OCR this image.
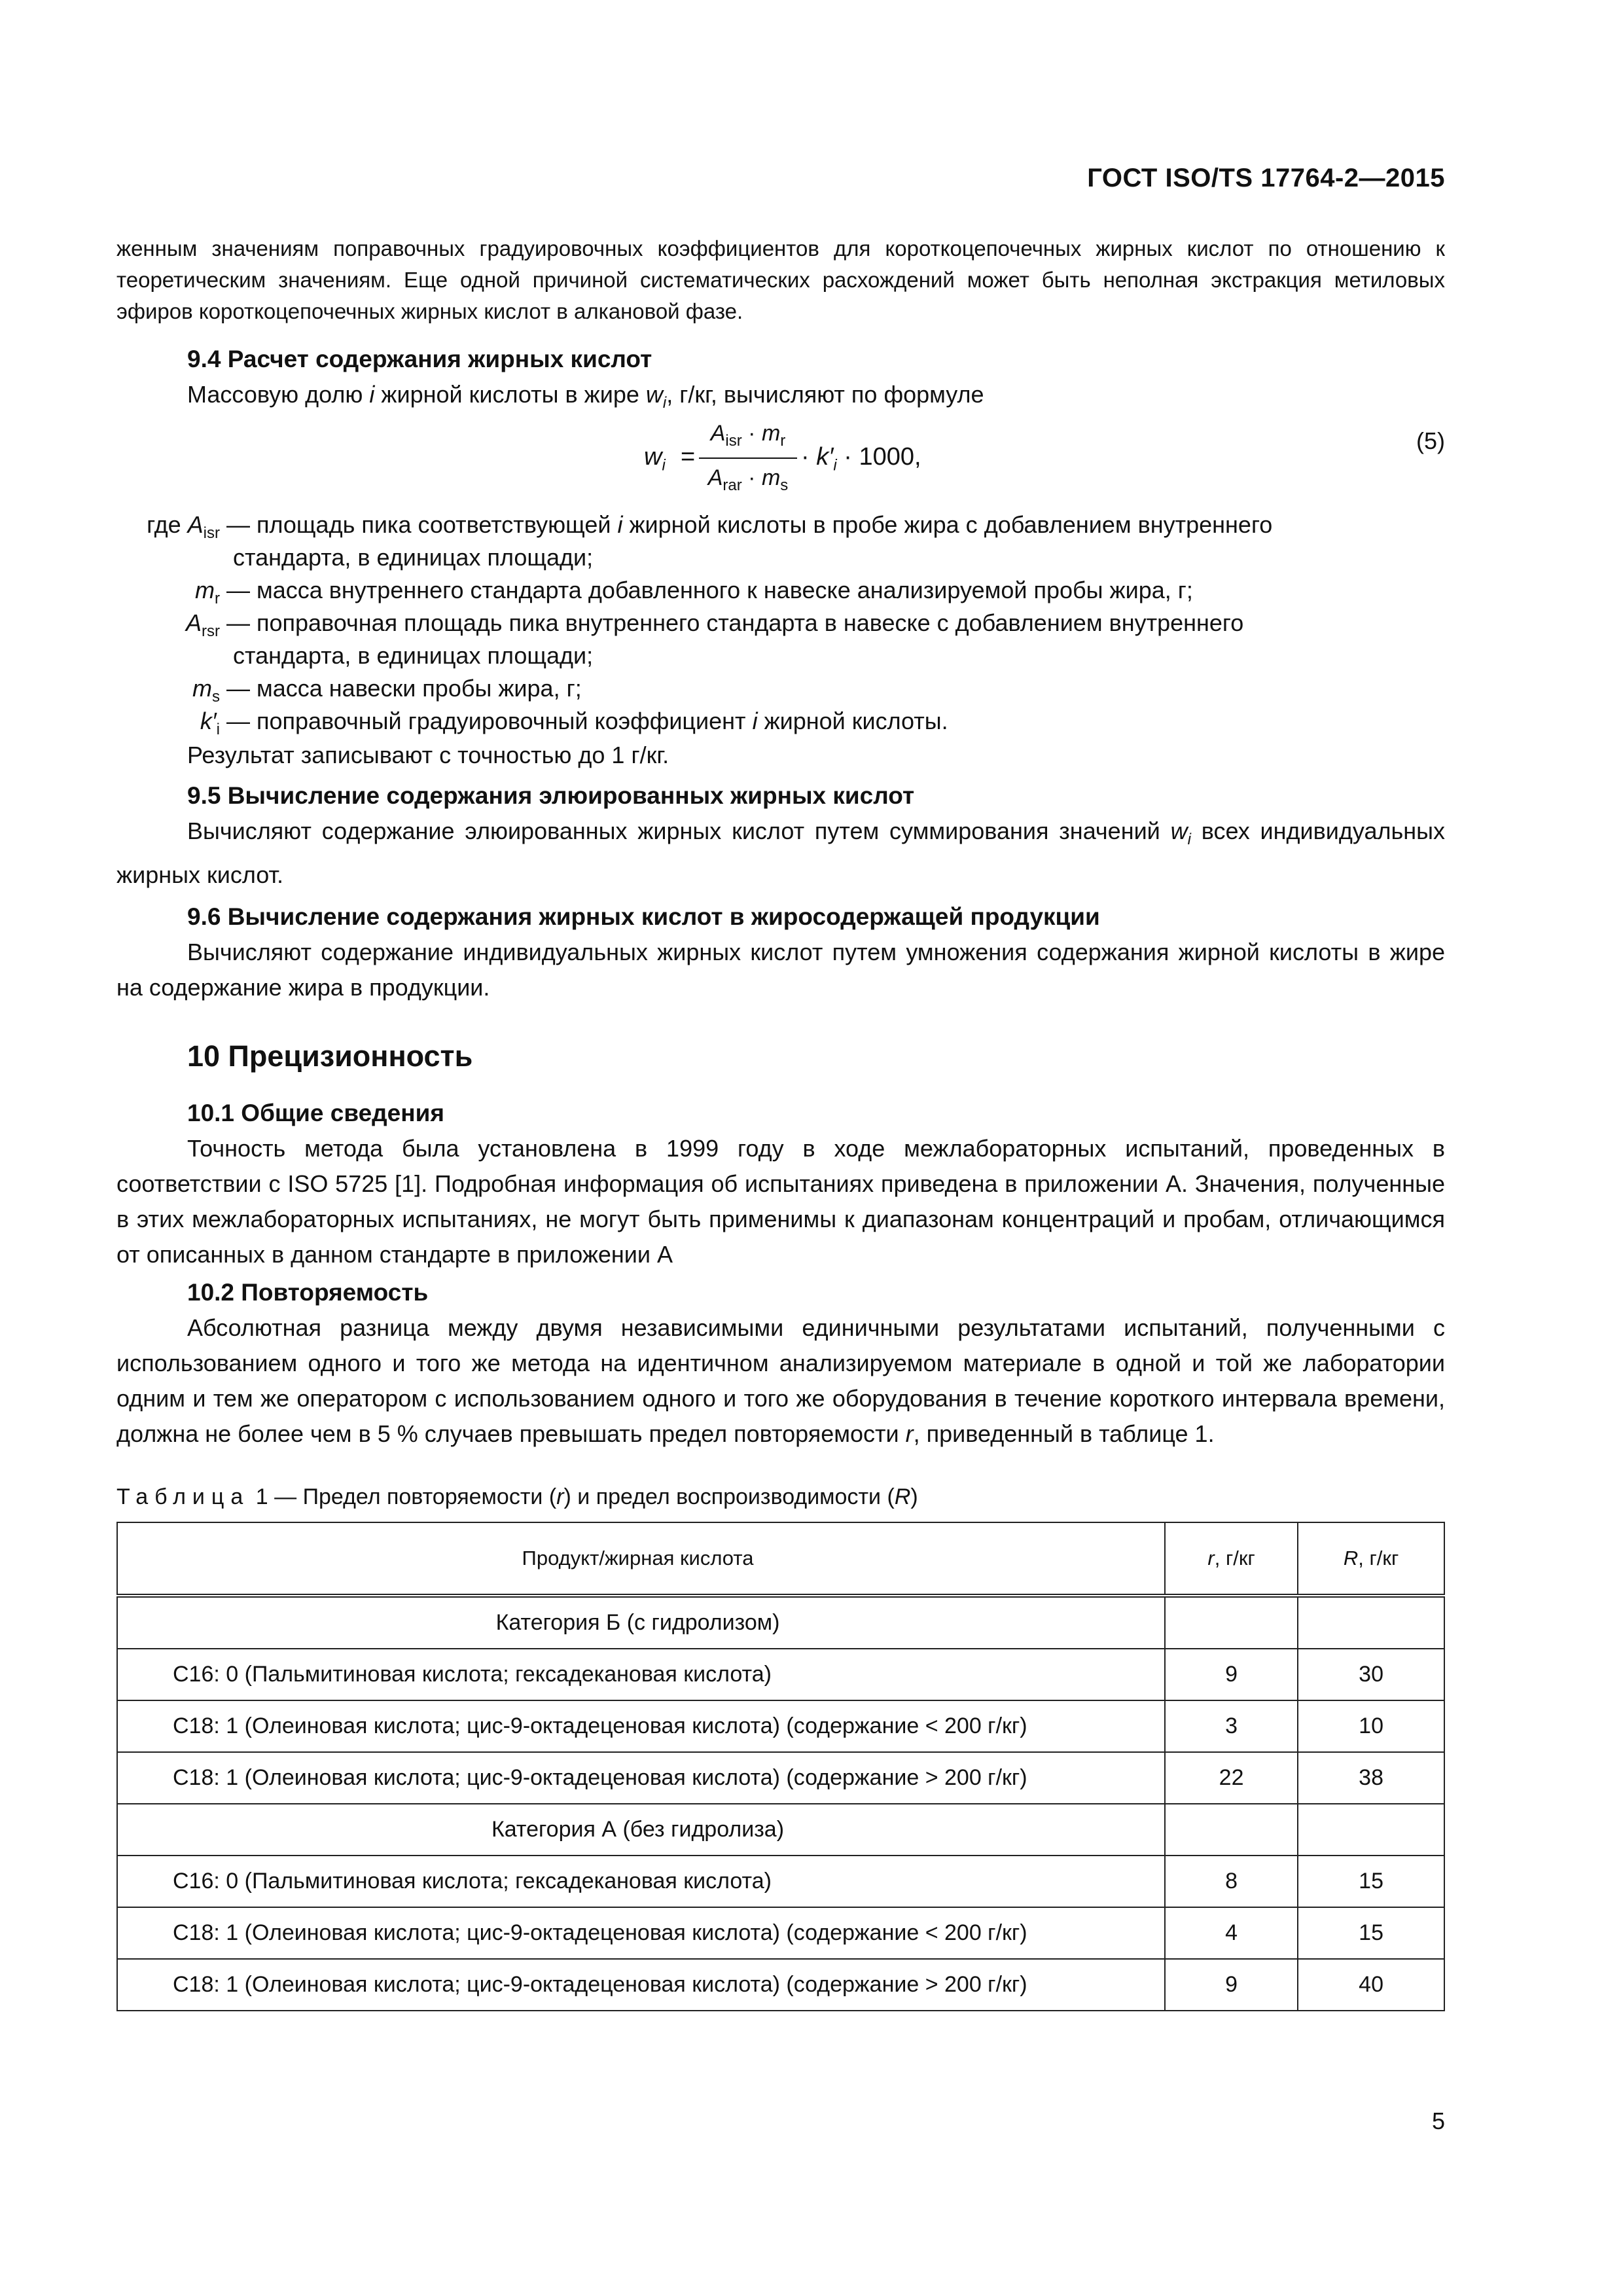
ГОСТ ISO/TS 17764-2—2015

женным значениям поправочных градуировочных коэффициентов для короткоцепочечных жирных кислот по отношению к теоретическим значениям. Еще одной причиной систематических расхождений может быть неполная экстракция метиловых эфиров короткоцепочечных жирных кислот в алкановой фазе.

9.4 Расчет содержания жирных кислот

Массовую долю i жирной кислоты в жире $w_i$, г/кг, вычисляют по формуле

$w_i$ =
$A_{isr} \cdot m_r$
$A_{rar} \cdot m_s$
· $k'_i \cdot 1000$,
(5)
где $A_{isr}$ — площадь пика соответствующей i жирной кислоты в пробе жира с добавлением внутреннего
стандарта, в единицах площади;
$m_r$ — масса внутреннего стандарта добавленного к навеске анализируемой пробы жира, г;
$A_{rsr}$ — поправочная площадь пика внутреннего стандарта в навеске с добавлением внутреннего
стандарта, в единицах площади;
$m_s$ — масса навески пробы жира, г;
$k'_i$ — поправочный градуировочный коэффициент i жирной кислоты.

Результат записывают с точностью до 1 г/кг.

9.5 Вычисление содержания элюированных жирных кислот

Вычисляют содержание элюированных жирных кислот путем суммирования значений $w_i$ всех индивидуальных жирных кислот.

9.6 Вычисление содержания жирных кислот в жиросодержащей продукции

Вычисляют содержание индивидуальных жирных кислот путем умножения содержания жирной кислоты в жире на содержание жира в продукции.

10 Прецизионность

10.1 Общие сведения

Точность метода была установлена в 1999 году в ходе межлабораторных испытаний, проведенных в соответствии с ISO 5725 [1]. Подробная информация об испытаниях приведена в приложении А. Значения, полученные в этих межлабораторных испытаниях, не могут быть применимы к диапазонам концентраций и пробам, отличающимся от описанных в данном стандарте в приложении А

10.2 Повторяемость

Абсолютная разница между двумя независимыми единичными результатами испытаний, полученными с использованием одного и того же метода на идентичном анализируемом материале в одной и той же лаборатории одним и тем же оператором с использованием одного и того же оборудования в течение короткого интервала времени, должна не более чем в 5 % случаев превышать предел повторяемости r, приведенный в таблице 1.

Таблица 1 — Предел повторяемости (r) и предел воспроизводимости (R)

Продукт/жирная кислота	r, г/кг	R, г/кг
Категория Б (с гидролизом)		
С16: 0 (Пальмитиновая кислота; гексадекановая кислота)	9	30
С18: 1 (Олеиновая кислота; цис-9-октадеценовая кислота) (содержание < 200 г/кг)	3	10
С18: 1 (Олеиновая кислота; цис-9-октадеценовая кислота) (содержание > 200 г/кг)	22	38
Категория А (без гидролиза)		
С16: 0 (Пальмитиновая кислота; гексадекановая кислота)	8	15
С18: 1 (Олеиновая кислота; цис-9-октадеценовая кислота) (содержание < 200 г/кг)	4	15
С18: 1 (Олеиновая кислота; цис-9-октадеценовая кислота) (содержание > 200 г/кг)	9	40
5
